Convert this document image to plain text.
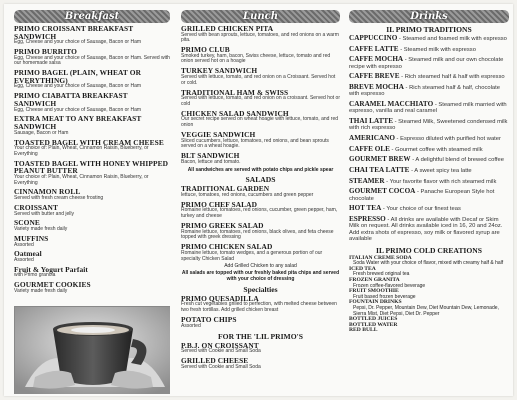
Breakfast
PRIMO CROISSANT BREAKFAST SANDWICH
Egg, Cheese and your choice of Sausage, Bacon or Ham
PRIMO BURRITO
Egg, Cheese and your choice of Sausage, Bacon or Ham. Served with our homemade salsa
PRIMO BAGEL (PLAIN, WHEAT OR EVERYTHING)
Egg, Cheese and your choice of Sausage, Bacon or Ham
PRIMO CIABATTA BREAKFAST SANDWICH
Egg, Cheese and your choice of Sausage, Bacon or Ham
EXTRA MEAT TO ANY BREAKFAST SANDWICH
Sausage, Bacon or Ham
TOASTED BAGEL WITH CREAM CHEESE
Your choice of: Plain, Wheat, Cinnamon Raisin, Blueberry, or Everything
TOASTED BAGEL WITH HONEY WHIPPED PEANUT BUTTER
Your choice of: Plain, Wheat, Cinnamon Raisin, Blueberry, or Everything
CINNAMON ROLL
Served with fresh cream cheese frosting
CROISSANT
Served with butter and jelly
SCONE
Variety made fresh daily
MUFFINS
Assorted
Oatmeal
Assorted
Fruit & Yogurt Parfait
with Primo granola
GOURMET COOKIES
Variety made fresh daily
Lunch
GRILLED CHICKEN PITA
Served with bean sprouts, lettuce, tomatoes, and red onions on a warm pita.
PRIMO CLUB
Smoked turkey, ham, bacon, Swiss cheese, lettuce, tomato and red onion served hot on a hoagie
TURKEY SANDWICH
Served with lettuce, tomato, and red onion on a Croissant. Served hot or cold.
TRADITIONAL HAM & SWISS
Served with lettuce, tomato, and red onion on a croissant. Served hot or cold
CHICKEN SALAD SANDWICH
Our secret recipe served on wheat hoagie with lettuce, tomato, and red onion
VEGGIE SANDWICH
Sliced cucumbers, lettuce, tomatoes, red onions, and bean sprouts served on a wheat hoagie.
BLT SANDWICH
Bacon, lettuce and tomato.
All sandwiches are served with potato chips and pickle spear
SALADS
TRADITIONAL GARDEN
lettuce, tomatoes, red onions, cucumbers and green pepper
PRIMO CHEF SALAD
Romaine lettuce, tomatoes, red onions, cucumber, green pepper, ham, turkey and cheese
PRIMO GREEK SALAD
Romaine lettuce, tomatoes, red onions, black olives, and feta cheese topped with greek dressing
PRIMO CHICKEN SALAD
Romaine lettuce, tomato wedges, and a generous portion of our specialty Chicken Salad
Add Grilled Chicken to any salad
All salads are topped with our freshly baked pita chips and served with your choice of dressing
Specialties
PRIMO QUESADILLA
Fresh cut vegetables grilled to perfection, with melted cheese between two fresh tortillas. Add grilled chicken breast
POTATO CHIPS
Assorted
FOR THE 'LIL PRIMO'S
P.B.J. ON CROISSANT
Served with Cookie and Small Soda
GRILLED CHEESE
Served with Cookie and Small Soda
Drinks
IL PRIMO TRADITIONS
CAPPUCCINO - Steamed and foamed milk with espresso
CAFFE LATTE - Steamed milk with espresso
CAFFE MOCHA - Steamed milk and our own chocolate recipe with espresso
CAFFE BREVE - Rich steamed half & half with espresso
BREVE MOCHA - Rich steamed half & half, chocolate with espresso
CARAMEL MACCHIATO - Steamed milk married with espresso, vanilla and real caramel
THAI LATTE - Steamed Milk, Sweetened condensed milk with rich espresso
AMERICANO - Espresso diluted with purified hot water
CAFFE OLE - Gourmet coffee with steamed milk
GOURMET BREW - A delightful blend of brewed coffee
CHAI TEA LATTE - A sweet spicy tea latte
STEAMER - Your favorite flavor with rich steamed milk
GOURMET COCOA - Panache European Style hot chocolate
HOT TEA - Your choice of our finest teas
ESPRESSO - All drinks are available with Decaf or Skim Milk on request. All drinks available iced in 16, 20 and 24oz. Add extra shots of espresso, soy milk or flavored syrup are available
IL PRIMO COLD CREATIONS
ITALIAN CREME SODA
Soda Water with your choice of flavor, mixed with creamy half & half
ICED TEA
Fresh brewed original tea
FROZEN GRANITA
Frozen coffee-flavored beverage
FRUIT SMOOTHIE
Fruit based frozen beverage
FOUNTAIN DRINKS
Pepsi, Dr. Pepper, Mountain Dew, Diet Mountain Dew, Lemonade, Sierra Mist, Diet Pepsi, Diet Dr. Pepper
BOTTLED JUICES
BOTTLED WATER
RED BULL
